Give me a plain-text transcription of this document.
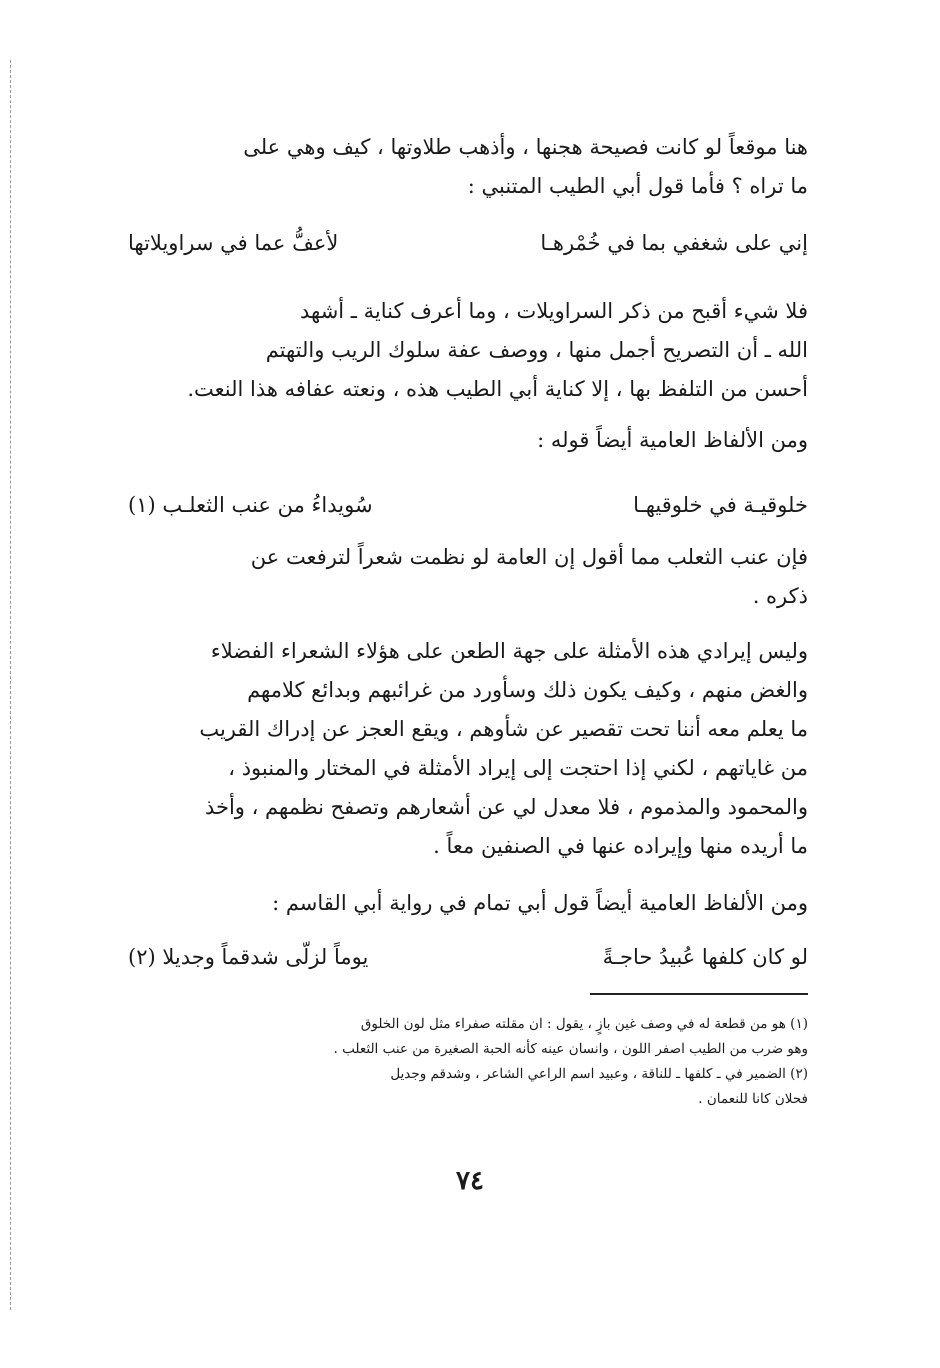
هنا موقعاً لو كانت فصيحة هجنها ، وأذهب طلاوتها ، كيف وهي على
ما تراه ؟ فأما قول أبي الطيب المتنبي :
إني على شغفي بما في خُمْرهـا
لأعفُّ عما في سراويلاتها
فلا شيء أقبح من ذكر السراويلات ، وما أعرف كناية ـ أشهد
الله ـ أن التصريح أجمل منها ، ووصف عفة سلوك الريب والتهتم
أحسن من التلفظ بها ، إلا كناية أبي الطيب هذه ، ونعته عفافه هذا النعت.
ومن الألفاظ العامية أيضاً قوله :
خلوقيـة في خلوقيهـا
سُويداءُ من عنب الثعلـب (١)
فإن عنب الثعلب مما أقول إن العامة لو نظمت شعراً لترفعت عن
ذكره .
وليس إيرادي هذه الأمثلة على جهة الطعن على هؤلاء الشعراء الفضلاء
والغض منهم ، وكيف يكون ذلك وسأورد من غرائبهم وبدائع كلامهم
ما يعلم معه أننا تحت تقصير عن شأوهم ، ويقع العجز عن إدراك القريب
من غاياتهم ، لكني إذا احتجت إلى إيراد الأمثلة في المختار والمنبوذ ،
والمحمود والمذموم ، فلا معدل لي عن أشعارهم وتصفح نظمهم ، وأخذ
ما أريده منها وإيراده عنها في الصنفين معاً .
ومن الألفاظ العامية أيضاً قول أبي تمام في رواية أبي القاسم :
لو كان كلفها عُبيدُ حاجـةً
يوماً لزلّى شدقماً وجديلا (٢)
(١) هو من قطعة له في وصف غين بازٍ ، يقول : ان مقلته صفراء مثل لون الخلوق
وهو ضرب من الطيب اصفر اللون ، وانسان عينه كأنه الحبة الصغيرة من عنب الثعلب .
(٢) الضمير في ـ كلفها ـ للناقة ، وعبيد اسم الراعي الشاعر ، وشدقم وجديل
فحلان كانا للنعمان .
٧٤
